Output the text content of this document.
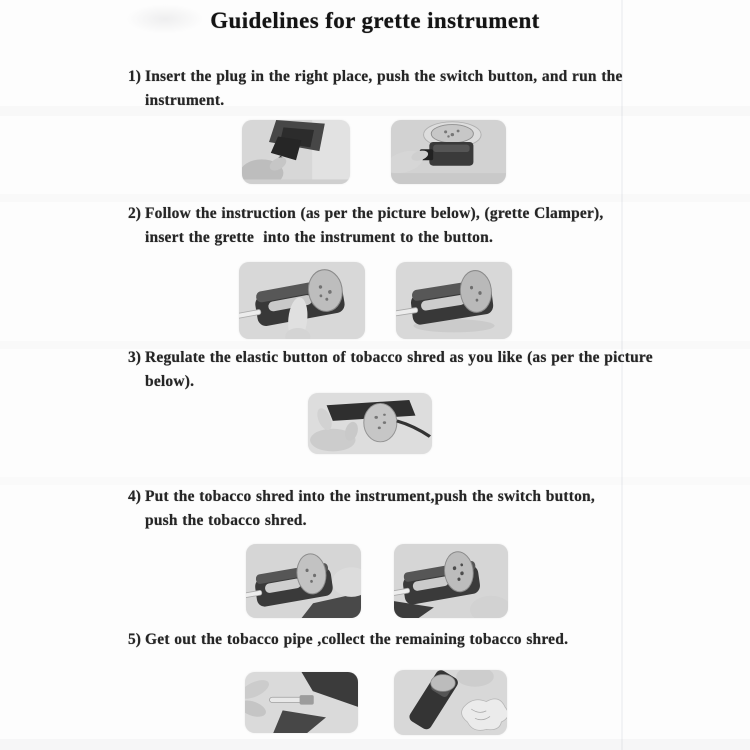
Guidelines for grette instrument
1) Insert the plug in the right place, push the switch button, and run the
instrument.
2) Follow the instruction (as per the picture below), (grette Clamper),
insert the grette  into the instrument to the button.
3) Regulate the elastic button of tobacco shred as you like (as per the picture
below).
4) Put the tobacco shred into the instrument,push the switch button,
push the tobacco shred.
5) Get out the tobacco pipe ,collect the remaining tobacco shred.
